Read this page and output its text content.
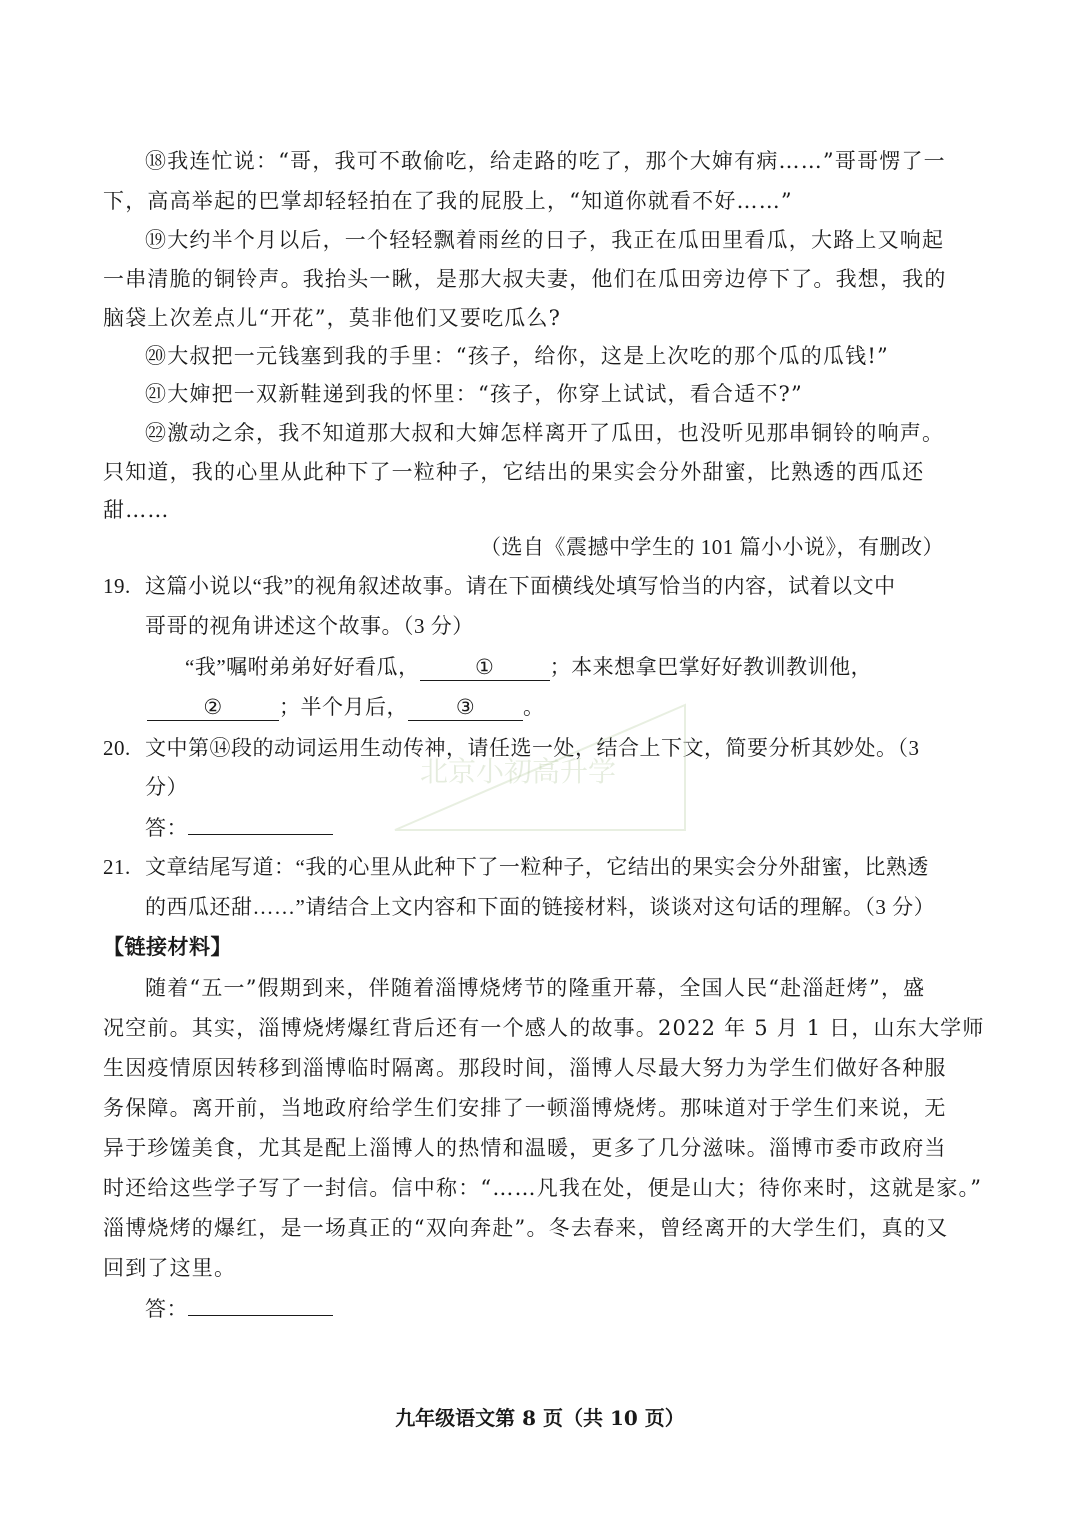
⑱我连忙说：“哥，我可不敢偷吃，给走路的吃了，那个大婶有病……”哥哥愣了一
下，高高举起的巴掌却轻轻拍在了我的屁股上，“知道你就看不好……”
⑲大约半个月以后，一个轻轻飘着雨丝的日子，我正在瓜田里看瓜，大路上又响起
一串清脆的铜铃声。我抬头一瞅，是那大叔夫妻，他们在瓜田旁边停下了。我想，我的
脑袋上次差点儿“开花”，莫非他们又要吃瓜么?
⑳大叔把一元钱塞到我的手里：“孩子，给你，这是上次吃的那个瓜的瓜钱!”
㉑大婶把一双新鞋递到我的怀里：“孩子，你穿上试试，看合适不?”
㉒激动之余，我不知道那大叔和大婶怎样离开了瓜田，也没听见那串铜铃的响声。
只知道，我的心里从此种下了一粒种子，它结出的果实会分外甜蜜，比熟透的西瓜还
甜……
（选自《震撼中学生的 101 篇小小说》，有删改）
19. 这篇小说以“我”的视角叙述故事。请在下面横线处填写恰当的内容，试着以文中
哥哥的视角讲述这个故事。（3 分）
“我”嘱咐弟弟好好看瓜，	①	；本来想拿巴掌好好教训教训他，
②	；半个月后， ③ 。
20. 文中第⑭段的动词运用生动传神，请任选一处，结合上下文，简要分析其妙处。（3
分）
答：
21. 文章结尾写道：“我的心里从此种下了一粒种子，它结出的果实会分外甜蜜，比熟透
的西瓜还甜……”请结合上文内容和下面的链接材料，谈谈对这句话的理解。（3 分）
【链接材料】
随着“五一”假期到来，伴随着淄博烧烤节的隆重开幕，全国人民“赴淄赶烤”，盛
况空前。其实，淄博烧烤爆红背后还有一个感人的故事。2022 年 5 月 1 日，山东大学师
生因疫情原因转移到淄博临时隔离。那段时间，淄博人尽最大努力为学生们做好各种服
务保障。离开前，当地政府给学生们安排了一顿淄博烧烤。那味道对于学生们来说，无
异于珍馐美食，尤其是配上淄博人的热情和温暖，更多了几分滋味。淄博市委市政府当
时还给这些学子写了一封信。信中称：“……凡我在处，便是山大；待你来时，这就是家。”
淄博烧烤的爆红，是一场真正的“双向奔赴”。冬去春来，曾经离开的大学生们，真的又
回到了这里。
答：
北京小初高升学
九年级语文第 8 页（共 10 页）
